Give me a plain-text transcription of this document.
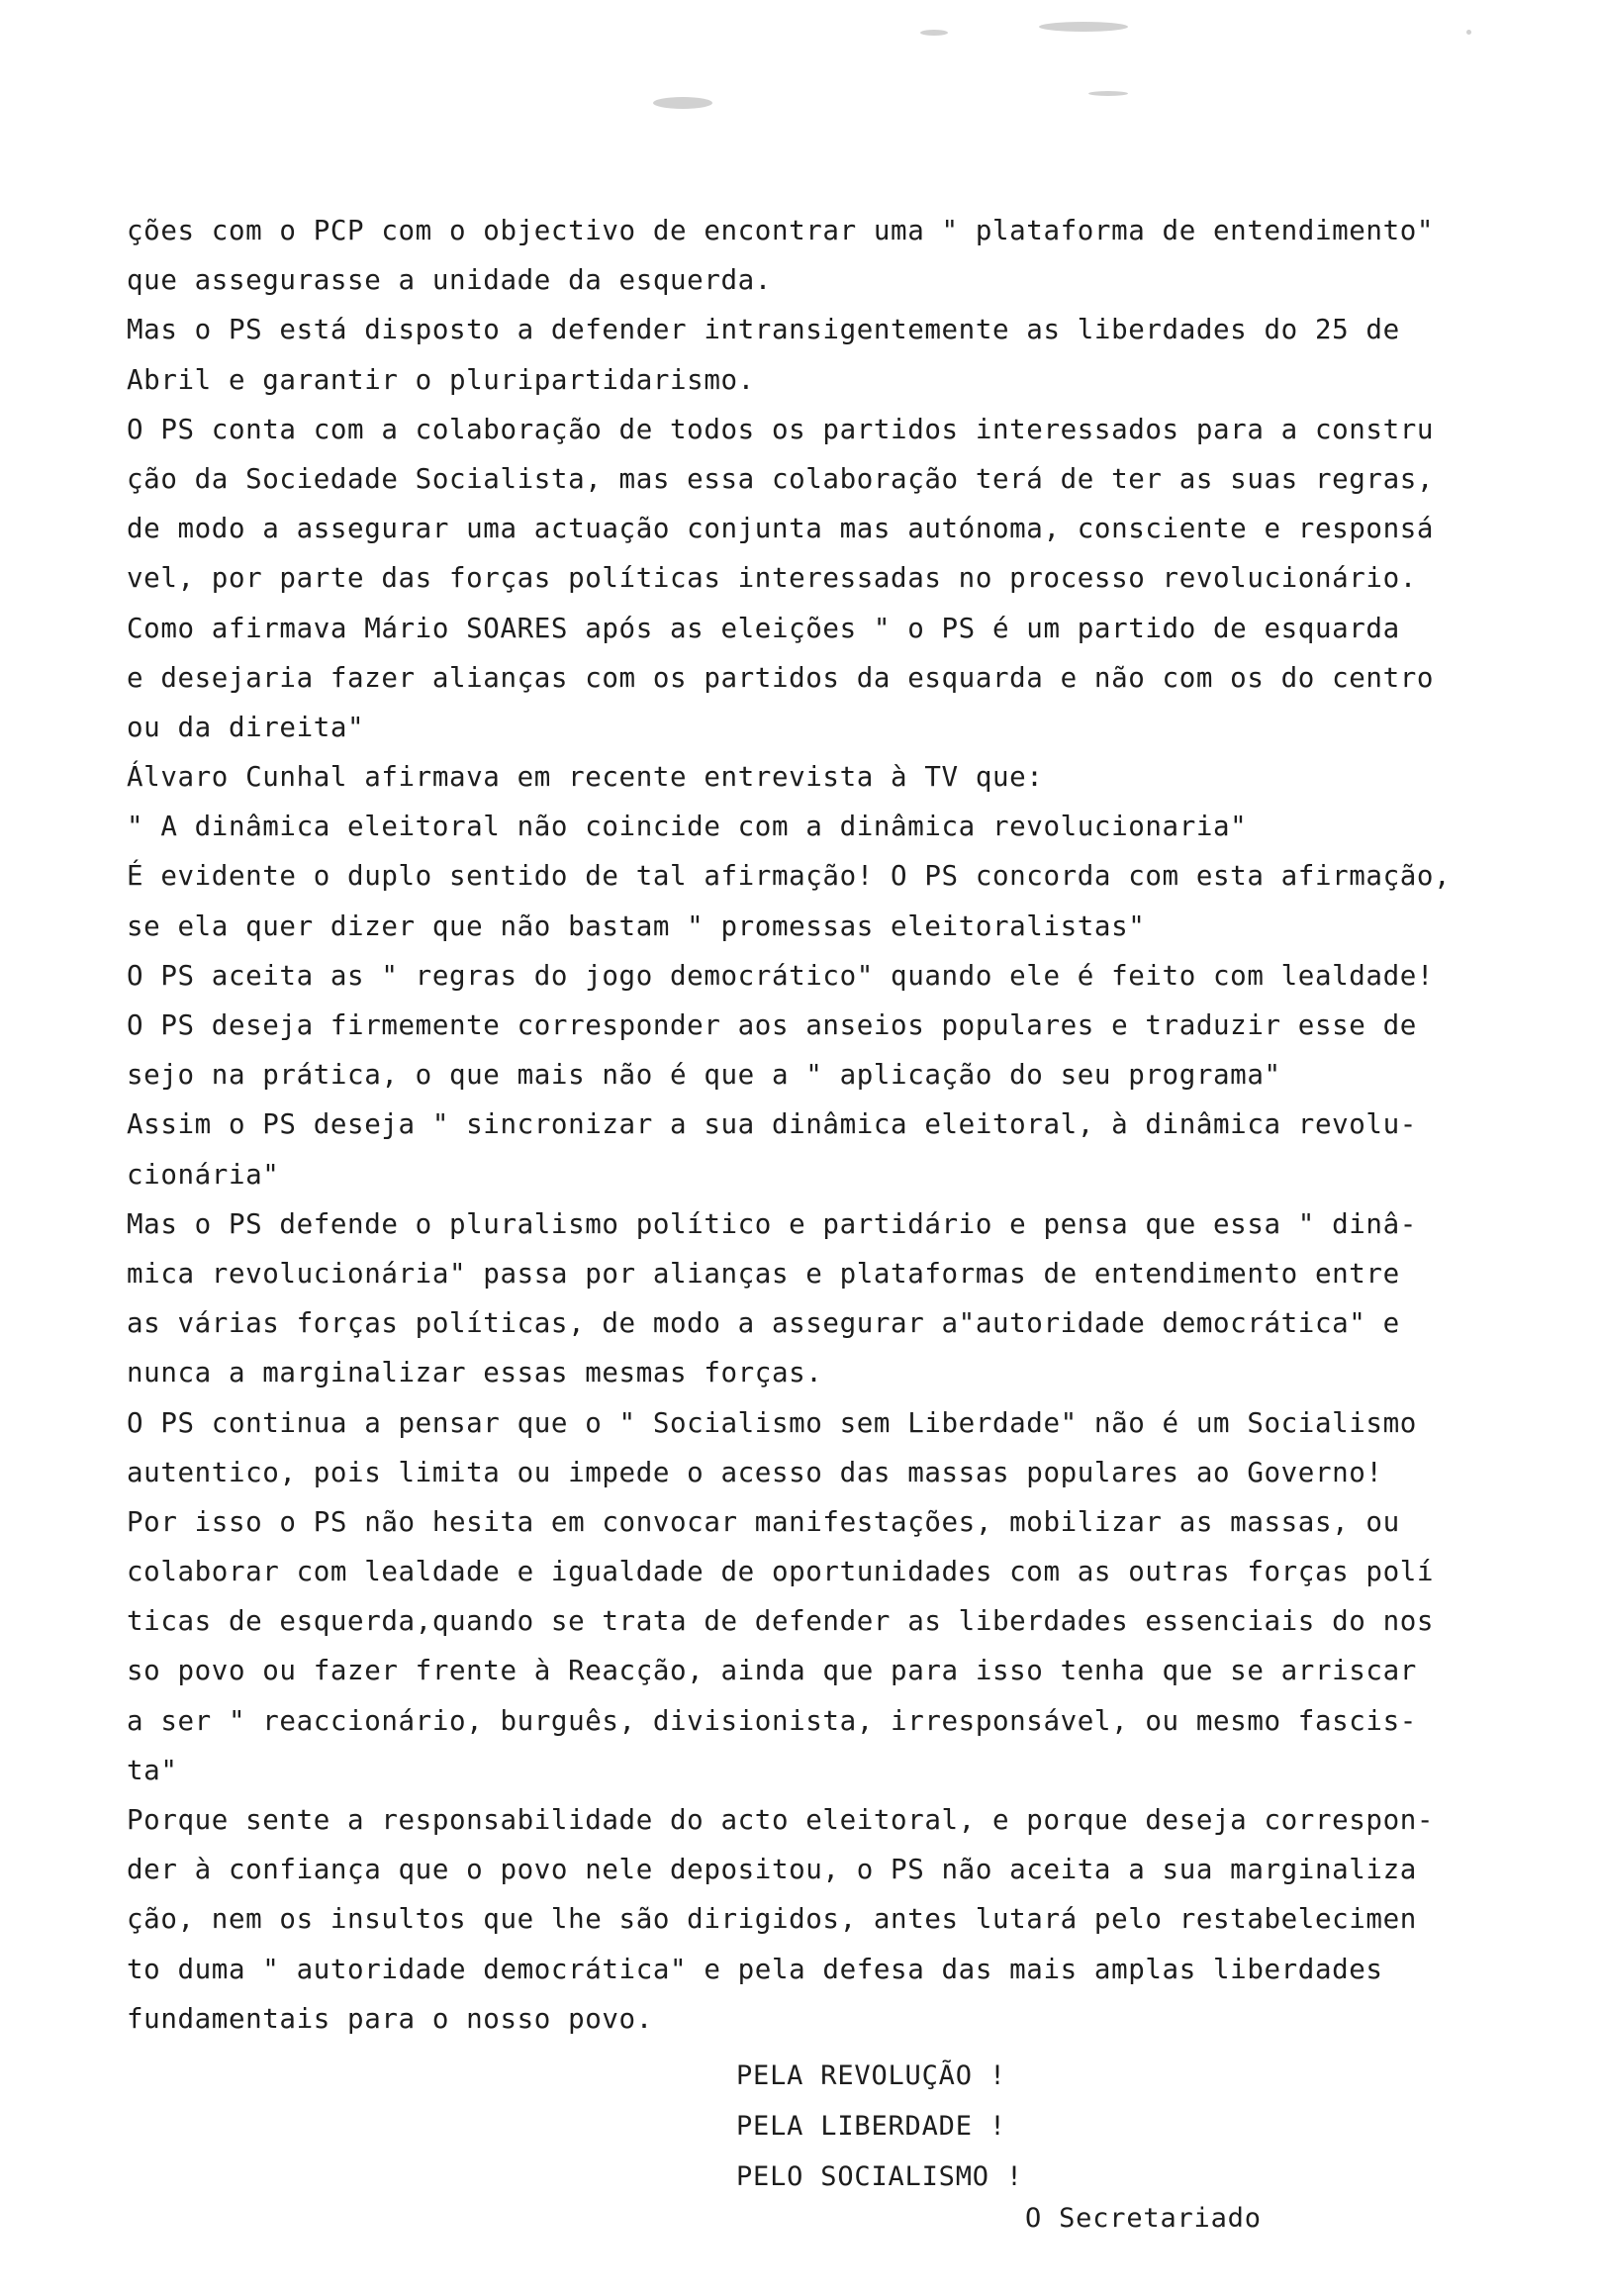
ções com o PCP com o objectivo de encontrar uma " plataforma de entendimento"
que assegurasse a unidade da esquerda.
Mas o PS está disposto a defender intransigentemente as liberdades do 25 de
Abril e garantir o pluripartidarismo.
O PS conta com a colaboração de todos os partidos interessados para a constru
ção da Sociedade Socialista, mas essa colaboração terá de ter as suas regras,
de modo a assegurar uma actuação conjunta mas autónoma, consciente e responsá
vel, por parte das forças políticas interessadas no processo revolucionário.
Como afirmava Mário SOARES após as eleições " o PS é um partido de esquarda
e desejaria fazer alianças com os partidos da esquarda e não com os do centro
ou da direita"
Álvaro Cunhal afirmava em recente entrevista à TV que:
" A dinâmica eleitoral não coincide com a dinâmica revolucionaria"
É evidente o duplo sentido de tal afirmação! O PS concorda com esta afirmação,
se ela quer dizer que não bastam " promessas eleitoralistas"
O PS aceita as " regras do jogo democrático" quando ele é feito com lealdade!
O PS deseja firmemente corresponder aos anseios populares e traduzir esse de
sejo na prática, o que mais não é que a " aplicação do seu programa"
Assim o PS deseja " sincronizar a sua dinâmica eleitoral, à dinâmica revolu-
cionária"
Mas o PS defende o pluralismo político e partidário e pensa que essa " dinâ-
mica revolucionária" passa por alianças e plataformas de entendimento entre
as várias forças políticas, de modo a assegurar a"autoridade democrática" e
nunca a marginalizar essas mesmas forças.
O PS continua a pensar que o " Socialismo sem Liberdade" não é um Socialismo
autentico, pois limita ou impede o acesso das massas populares ao Governo!
Por isso o PS não hesita em convocar manifestações, mobilizar as massas, ou
colaborar com lealdade e igualdade de oportunidades com as outras forças polí
ticas de esquerda,quando se trata de defender as liberdades essenciais do nos
so povo ou fazer frente à Reacção, ainda que para isso tenha que se arriscar
a ser " reaccionário, burguês, divisionista, irresponsável, ou mesmo fascis-
ta"
Porque sente a responsabilidade do acto eleitoral, e porque deseja correspon-
der à confiança que o povo nele depositou, o PS não aceita a sua marginaliza
ção, nem os insultos que lhe são dirigidos, antes lutará pelo restabelecimen
to duma " autoridade democrática" e pela defesa das mais amplas liberdades
fundamentais para o nosso povo.
PELA REVOLUÇÃO !
PELA LIBERDADE !
PELO SOCIALISMO !
O Secretariado
